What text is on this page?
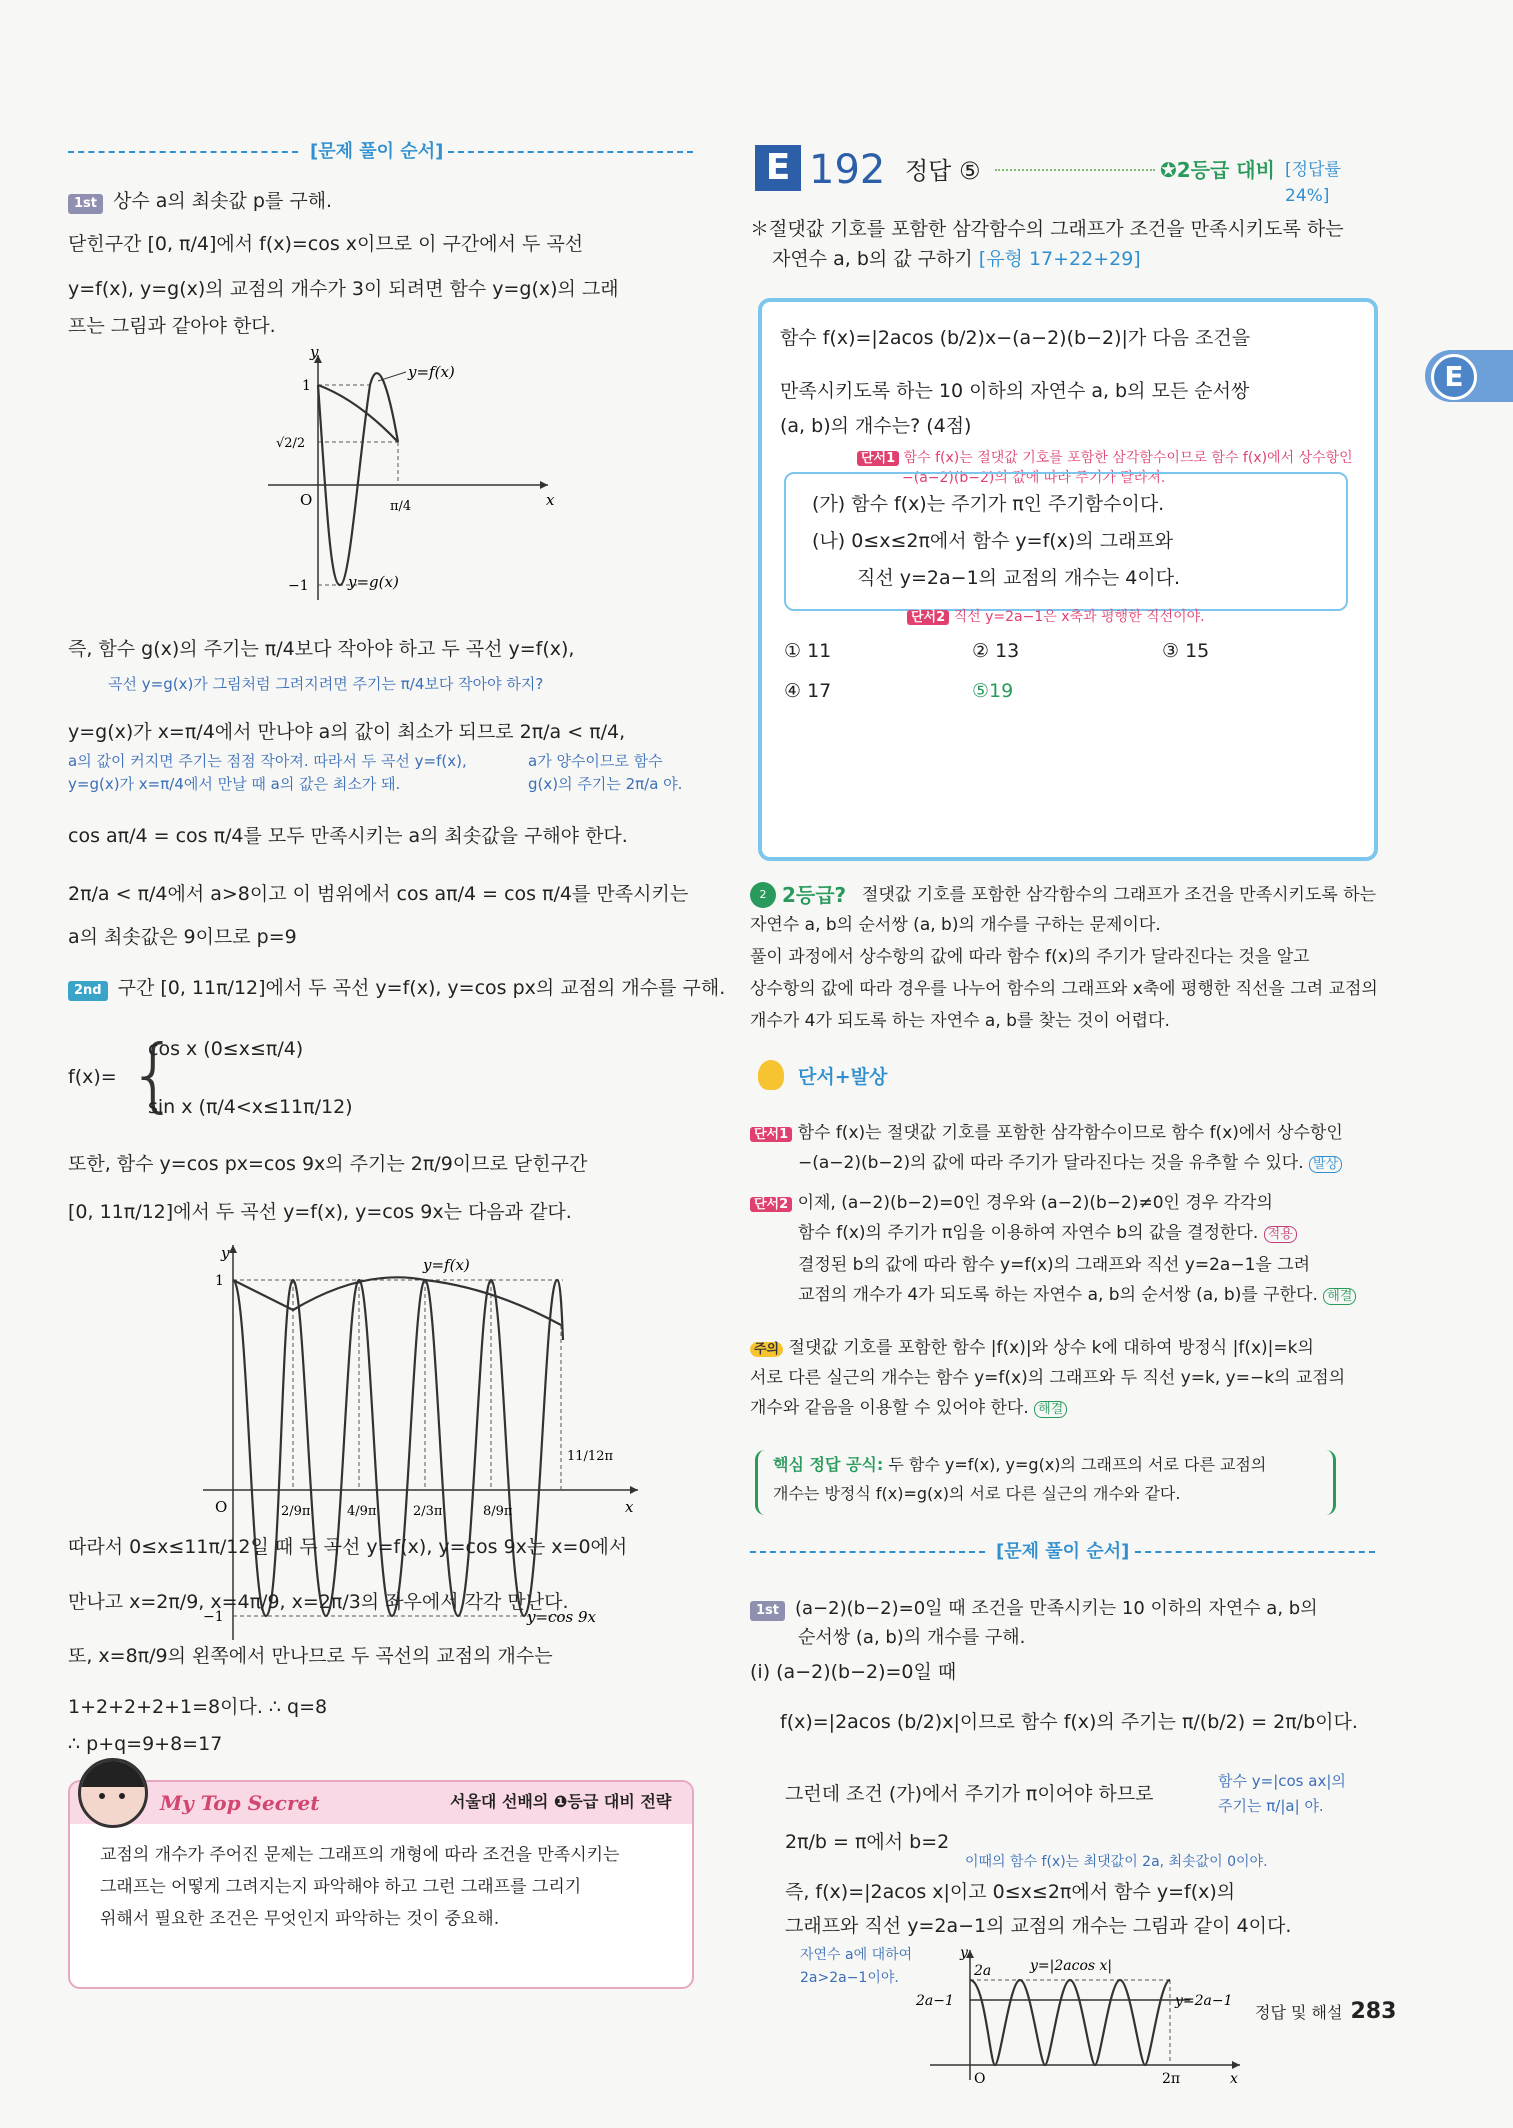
[문제 풀이 순서]

1st 상수 a의 최솟값 p를 구해.

닫힌구간 [0, π/4]에서 f(x)=cos x이므로 이 구간에서 두 곡선

y=f(x), y=g(x)의 교점의 개수가 3이 되려면 함수 y=g(x)의 그래

프는 그림과 같아야 한다.

y
x
O
1
√2/2
−1
π/4
y=f(x)
y=g(x)

즉, 함수 g(x)의 주기는 π/4보다 작아야 하고 두 곡선 y=f(x),

곡선 y=g(x)가 그림처럼 그려지려면 주기는 π/4보다 작아야 하지?

y=g(x)가 x=π/4에서 만나야 a의 값이 최소가 되므로 2π/a < π/4,

a의 값이 커지면 주기는 점점 작아져. 따라서 두 곡선 y=f(x),

y=g(x)가 x=π/4에서 만날 때 a의 값은 최소가 돼.

a가 양수이므로 함수

g(x)의 주기는 2π/a 야.

cos aπ/4 = cos π/4를 모두 만족시키는 a의 최솟값을 구해야 한다.

2π/a < π/4에서 a>8이고 이 범위에서 cos aπ/4 = cos π/4를 만족시키는

a의 최솟값은 9이므로 p=9

2nd 구간 [0, 11π/12]에서 두 곡선 y=f(x), y=cos px의 교점의 개수를 구해.

f(x)= {
cos x (0≤x≤π/4)
sin x (π/4<x≤11π/12)

또한, 함수 y=cos px=cos 9x의 주기는 2π/9이므로 닫힌구간

[0, 11π/12]에서 두 곡선 y=f(x), y=cos 9x는 다음과 같다.

y
x
O
1
−1
2/9π	4/9π	2/3π	8/9π
11/12π
y=f(x)
y=cos 9x

따라서 0≤x≤11π/12일 때 두 곡선 y=f(x), y=cos 9x는 x=0에서

만나고 x=2π/9, x=4π/9, x=2π/3의 좌우에서 각각 만난다.

또, x=8π/9의 왼쪽에서 만나므로 두 곡선의 교점의 개수는

1+2+2+2+1=8이다. ∴ q=8

∴ p+q=9+8=17

My Top Secret	서울대 선배의 ❶등급 대비 전략

교점의 개수가 주어진 문제는 그래프의 개형에 따라 조건을 만족시키는

그래프는 어떻게 그려지는지 파악해야 하고 그런 그래프를 그리기

위해서 필요한 조건은 무엇인지 파악하는 것이 중요해.

E 192 정답 ⑤	✪2등급 대비 [정답률 24%]

＊절댓값 기호를 포함한 삼각함수의 그래프가 조건을 만족시키도록 하는

자연수 a, b의 값 구하기 [유형 17+22+29]

함수 f(x)=|2acos (b/2)x−(a−2)(b−2)|가 다음 조건을

만족시키도록 하는 10 이하의 자연수 a, b의 모든 순서쌍

(a, b)의 개수는? (4점)

단서1 함수 f(x)는 절댓값 기호를 포함한 삼각함수이므로 함수 f(x)에서 상수항인

−(a−2)(b−2)의 값에 따라 주기가 달라져.

(가) 함수 f(x)는 주기가 π인 주기함수이다.

(나) 0≤x≤2π에서 함수 y=f(x)의 그래프와

직선 y=2a−1의 교점의 개수는 4이다.

단서2 직선 y=2a−1은 x축과 평행한 직선이야.

① 11	② 13	③ 15
④ 17	⑤19
2 2등급? 절댓값 기호를 포함한 삼각함수의 그래프가 조건을 만족시키도록 하는

자연수 a, b의 순서쌍 (a, b)의 개수를 구하는 문제이다.

풀이 과정에서 상수항의 값에 따라 함수 f(x)의 주기가 달라진다는 것을 알고

상수항의 값에 따라 경우를 나누어 함수의 그래프와 x축에 평행한 직선을 그려 교점의

개수가 4가 되도록 하는 자연수 a, b를 찾는 것이 어렵다.

단서+발상

단서1 함수 f(x)는 절댓값 기호를 포함한 삼각함수이므로 함수 f(x)에서 상수항인

−(a−2)(b−2)의 값에 따라 주기가 달라진다는 것을 유추할 수 있다. 발상

단서2 이제, (a−2)(b−2)=0인 경우와 (a−2)(b−2)≠0인 경우 각각의

함수 f(x)의 주기가 π임을 이용하여 자연수 b의 값을 결정한다. 적용

결정된 b의 값에 따라 함수 y=f(x)의 그래프와 직선 y=2a−1을 그려

교점의 개수가 4가 되도록 하는 자연수 a, b의 순서쌍 (a, b)를 구한다. 해결

주의 절댓값 기호를 포함한 함수 |f(x)|와 상수 k에 대하여 방정식 |f(x)|=k의

서로 다른 실근의 개수는 함수 y=f(x)의 그래프와 두 직선 y=k, y=−k의 교점의

개수와 같음을 이용할 수 있어야 한다. 해결

핵심 정답 공식: 두 함수 y=f(x), y=g(x)의 그래프의 서로 다른 교점의

개수는 방정식 f(x)=g(x)의 서로 다른 실근의 개수와 같다.

[문제 풀이 순서]

1st (a−2)(b−2)=0일 때 조건을 만족시키는 10 이하의 자연수 a, b의

순서쌍 (a, b)의 개수를 구해.

(i) (a−2)(b−2)=0일 때

f(x)=|2acos (b/2)x|이므로 함수 f(x)의 주기는 π/(b/2) = 2π/b이다.

그런데 조건 (가)에서 주기가 π이어야 하므로

함수 y=|cos ax|의

주기는 π/|a| 야.

2π/b = π에서 b=2

이때의 함수 f(x)는 최댓값이 2a, 최솟값이 0이야.

즉, f(x)=|2acos x|이고 0≤x≤2π에서 함수 y=f(x)의

그래프와 직선 y=2a−1의 교점의 개수는 그림과 같이 4이다.

자연수 a에 대하여

2a>2a−1이야.

y
x
O
2a
2a−1
y=|2acos x|
y=2a−1
2π
E
정답 및 해설 283
